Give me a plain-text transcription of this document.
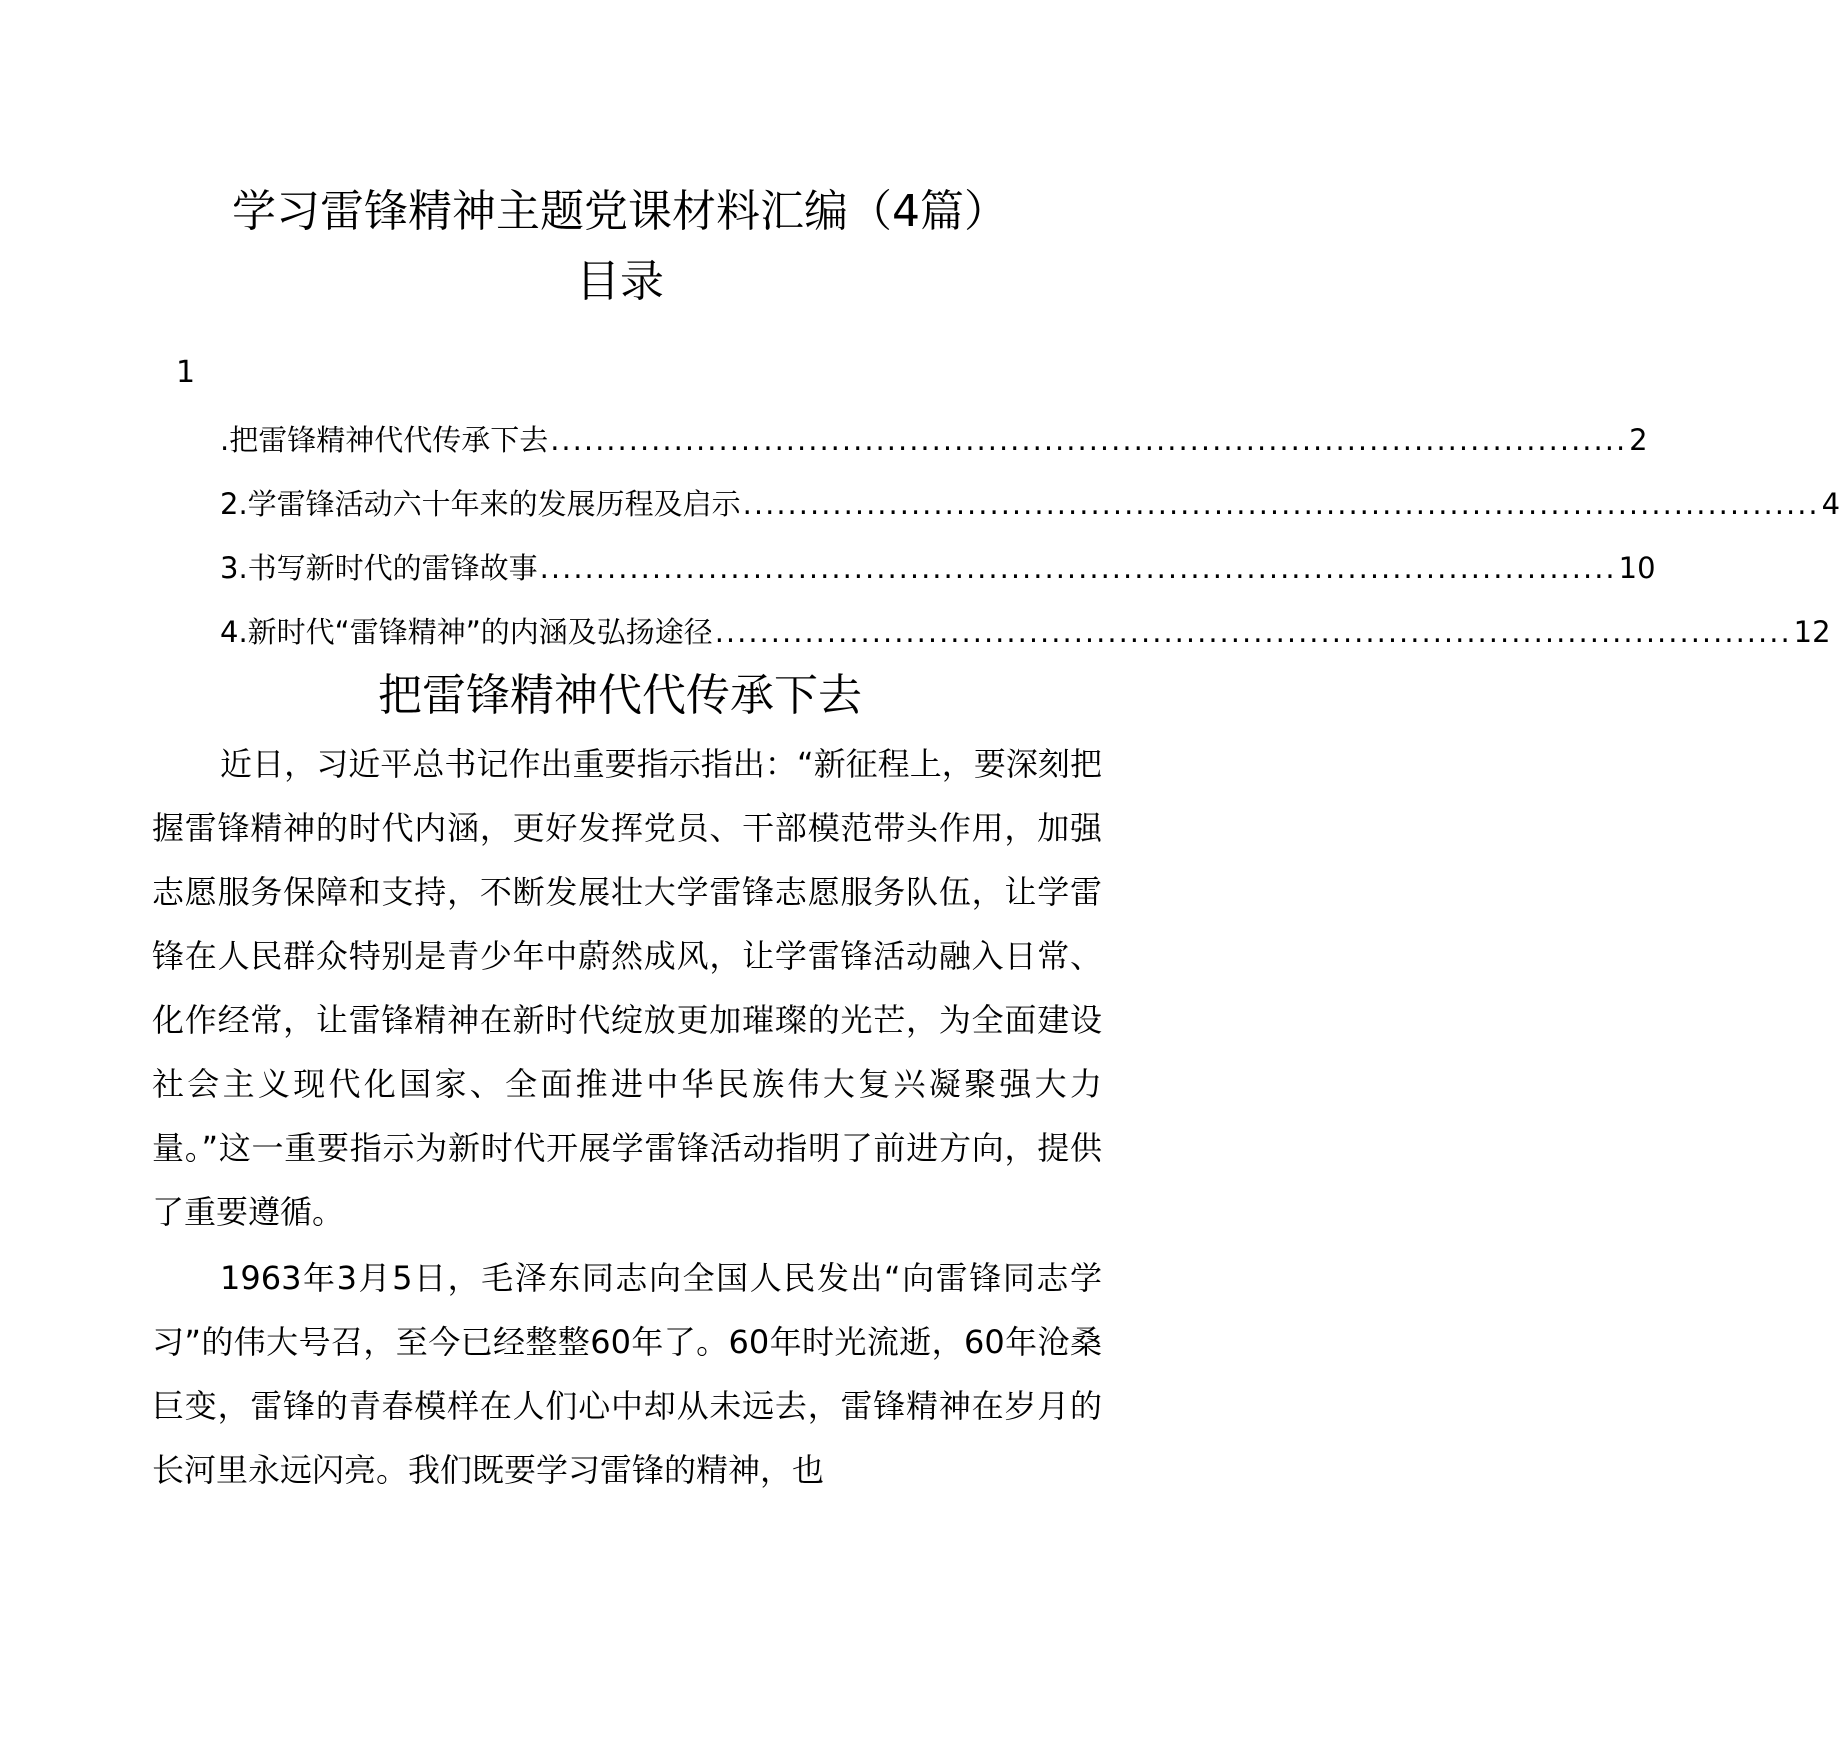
学习雷锋精神主题党课材料汇编（4篇）
目录
1
.把雷锋精神代代传承下去 ................................................................................................ 2
2.学雷锋活动六十年来的发展历程及启示 ................................................................................................ 4
3.书写新时代的雷锋故事 ................................................................................................ 10
4.新时代“雷锋精神”的内涵及弘扬途径 ................................................................................................ 12
把雷锋精神代代传承下去

近日，习近平总书记作出重要指示指出：“新征程上，要深刻把握雷锋精神的时代内涵，更好发挥党员、干部模范带头作用，加强志愿服务保障和支持，不断发展壮大学雷锋志愿服务队伍，让学雷锋在人民群众特别是青少年中蔚然成风，让学雷锋活动融入日常、化作经常，让雷锋精神在新时代绽放更加璀璨的光芒，为全面建设社会主义现代化国家、全面推进中华民族伟大复兴凝聚强大力量。”这一重要指示为新时代开展学雷锋活动指明了前进方向，提供了重要遵循。

1963年3月5日，毛泽东同志向全国人民发出“向雷锋同志学习”的伟大号召，至今已经整整60年了。60年时光流逝，60年沧桑巨变，雷锋的青春模样在人们心中却从未远去，雷锋精神在岁月的长河里永远闪亮。我们既要学习雷锋的精神，也
